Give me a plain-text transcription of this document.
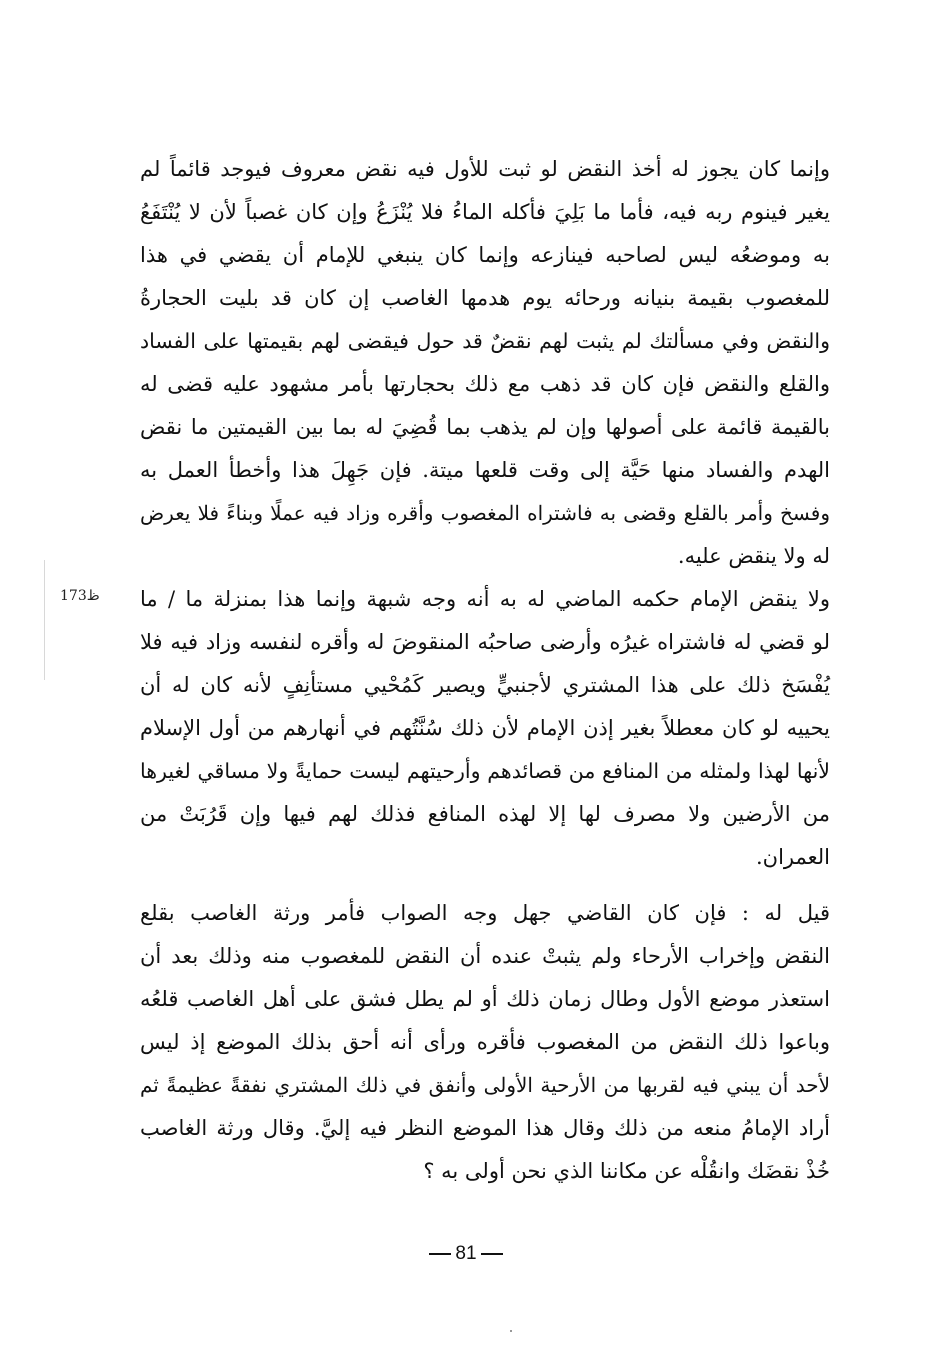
173ظ
وإنما كان يجوز له أخذ النقض لو ثبت للأول فيه نقض معروف فيوجد قائماً لم
يغير فينوم ربه فيه، فأما ما بَلِيَ فأكله الماءُ فلا يُنْزَعُ وإن كان غصباً لأن لا يُنْتَفَعُ
به وموضعُه ليس لصاحبه فينازعه وإنما كان ينبغي للإمام أن يقضي في هذا
للمغصوب بقيمة بنيانه ورحائه يوم هدمها الغاصب إن كان قد بليت الحجارةُ
والنقض وفي مسألتك لم يثبت لهم نقضٌ قد حول فيقضى لهم بقيمتها على الفساد
والقلع والنقض فإن كان قد ذهب مع ذلك بحجارتها بأمر مشهود عليه قضى له
بالقيمة قائمة على أصولها وإن لم يذهب بما قُضِيَ له بما بين القيمتين ما نقض
الهدم والفساد منها حَيَّة إلى وقت قلعها ميتة. فإن جَهِلَ هذا وأخطأ العمل به
وفسخ وأمر بالقلع وقضى به فاشتراه المغصوب وأقره وزاد فيه عملًا وبناءً فلا يعرض
له ولا ينقض عليه.
ولا ينقض الإمام حكمه الماضي له به أنه وجه شبهة وإنما هذا بمنزلة ما / ما
لو قضي له فاشتراه غيرُه وأرضى صاحبُه المنقوضَ له وأقره لنفسه وزاد فيه فلا
يُفْسَخ ذلك على هذا المشتري لأجنبيٍّ ويصير كَمُحْيي مستأنِفٍ لأنه كان له أن
يحييه لو كان معطلاً بغير إذن الإمام لأن ذلك سُنَّتُهم في أنهارهم من أول الإسلام
لأنها لهذا ولمثله من المنافع من قصائدهم وأرحيتهم ليست حمايةً ولا مساقي لغيرها
من الأرضين ولا مصرف لها إلا لهذه المنافع فذلك لهم فيها وإن قَرُبَتْ من
العمران.
قيل له : فإن كان القاضي جهل وجه الصواب فأمر ورثة الغاصب بقلع
النقض وإخراب الأرحاء ولم يثبتْ عنده أن النقض للمغصوب منه وذلك بعد أن
استعذر موضع الأول وطال زمان ذلك أو لم يطل فشق على أهل الغاصب قلعُه
وباعوا ذلك النقض من المغصوب فأقره ورأى أنه أحق بذلك الموضع إذ ليس
لأحد أن يبني فيه لقربها من الأرحية الأولى وأنفق في ذلك المشتري نفقةً عظيمةً ثم
أراد الإمامُ منعه من ذلك وقال هذا الموضع النظر فيه إليَّ. وقال ورثة الغاصب
خُذْ نقضَك وانقُلْه عن مكاننا الذي نحن أولى به ؟
81
